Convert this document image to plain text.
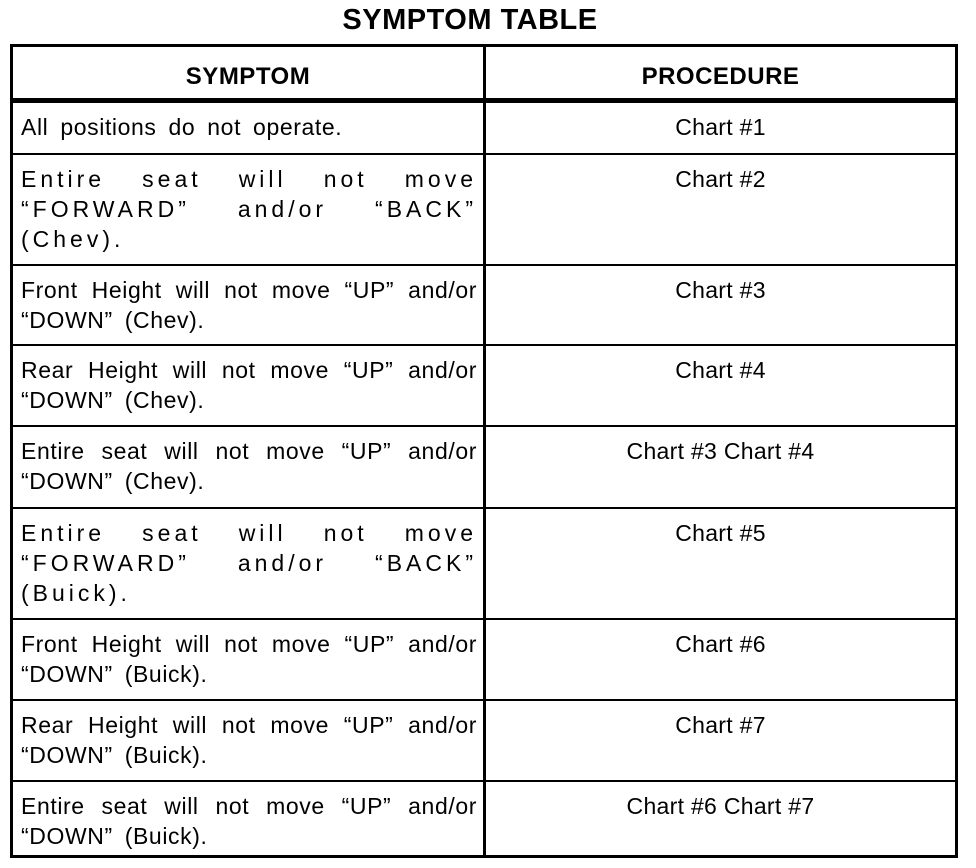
SYMPTOM TABLE
SYMPTOM	PROCEDURE
All positions do not operate.	Chart #1
Entire seat will not move “FORWARD” and/or “BACK” (Chev).
Chart #2
Front Height will not move “UP” and/or “DOWN” (Chev).
Chart #3
Rear Height will not move “UP” and/or “DOWN” (Chev).
Chart #4
Entire seat will not move “UP” and/or “DOWN” (Chev).
Chart #3 Chart #4
Entire seat will not move “FORWARD” and/or “BACK” (Buick).
Chart #5
Front Height will not move “UP” and/or “DOWN” (Buick).
Chart #6
Rear Height will not move “UP” and/or “DOWN” (Buick).
Chart #7
Entire seat will not move “UP” and/or “DOWN” (Buick).
Chart #6 Chart #7
